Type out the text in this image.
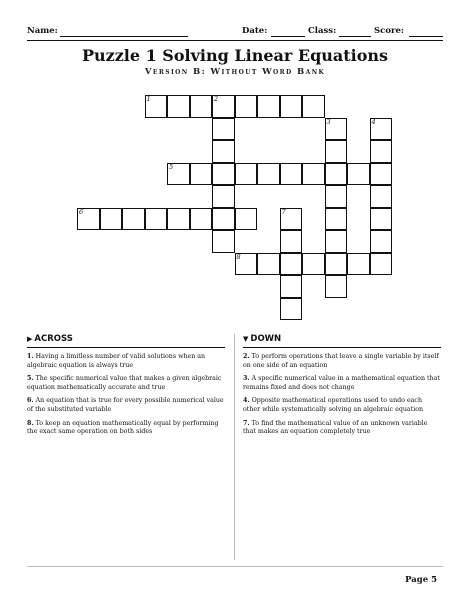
Name:	Date:	Class:	Score:
Puzzle 1 Solving Linear Equations
Version B: Without Word Bank
1	2
3	4
5
6	7
8
▶ ACROSS
1. Having a limitless number of valid solutions when an algebraic equation is always true
5. The specific numerical value that makes a given algebraic equation mathematically accurate and true
6. An equation that is true for every possible numerical value of the substituted variable
8. To keep an equation mathematically equal by performing the exact same operation on both sides
▼ DOWN
2. To perform operations that leave a single variable by itself on one side of an equation
3. A specific numerical value in a mathematical equation that remains fixed and does not change
4. Opposite mathematical operations used to undo each other while systematically solving an algebraic equation
7. To find the mathematical value of an unknown variable that makes an equation completely true
Page 5
